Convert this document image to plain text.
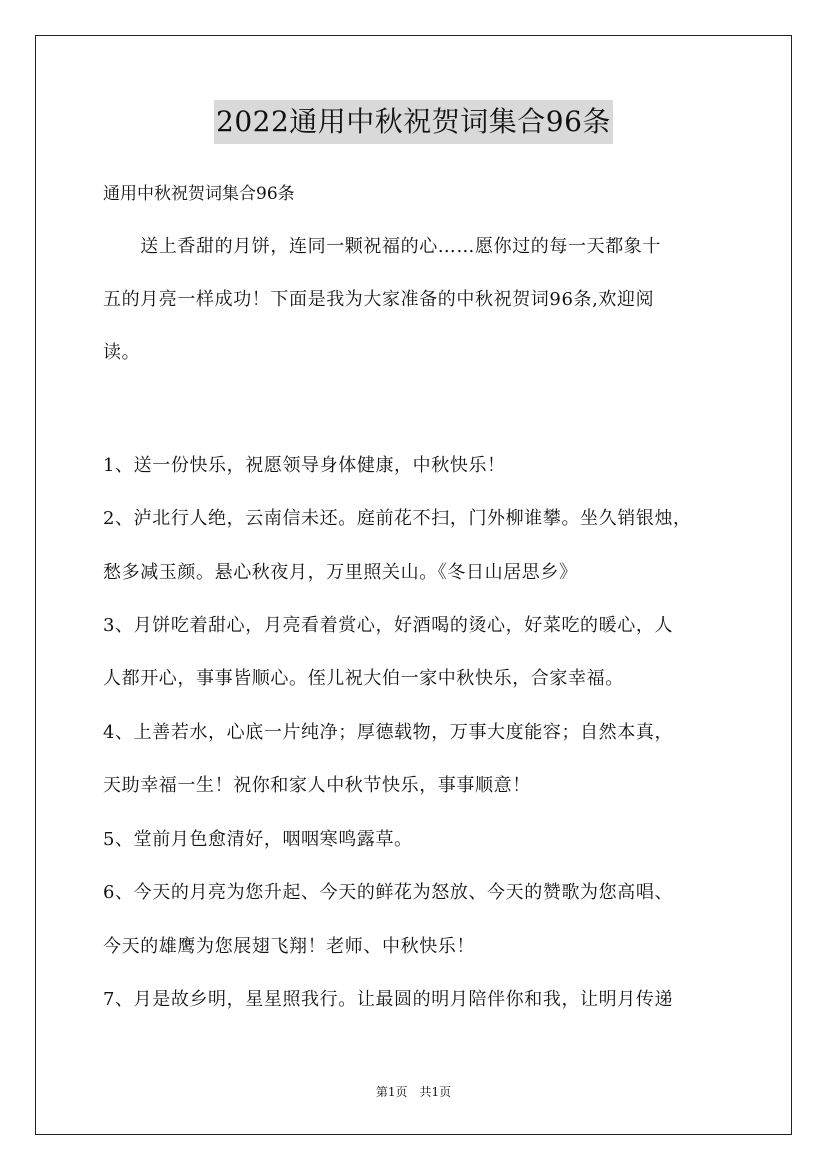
2022通用中秋祝贺词集合96条
通用中秋祝贺词集合96条
　　送上香甜的月饼，连同一颗祝福的心……愿你过的每一天都象十
五的月亮一样成功！下面是我为大家准备的中秋祝贺词96条,欢迎阅
读。
1、送一份快乐，祝愿领导身体健康，中秋快乐！
2、泸北行人绝，云南信未还。庭前花不扫，门外柳谁攀。坐久销银烛，
愁多减玉颜。悬心秋夜月，万里照关山。《冬日山居思乡》
3、月饼吃着甜心，月亮看着赏心，好酒喝的烫心，好菜吃的暖心，人
人都开心，事事皆顺心。侄儿祝大伯一家中秋快乐，合家幸福。
4、上善若水，心底一片纯净；厚德载物，万事大度能容；自然本真，
天助幸福一生！祝你和家人中秋节快乐，事事顺意！
5、堂前月色愈清好，咽咽寒鸣露草。
6、今天的月亮为您升起、今天的鲜花为怒放、今天的赞歌为您高唱、
今天的雄鹰为您展翅飞翔！老师、中秋快乐！
7、月是故乡明，星星照我行。让最圆的明月陪伴你和我，让明月传递
第1页　共1页
